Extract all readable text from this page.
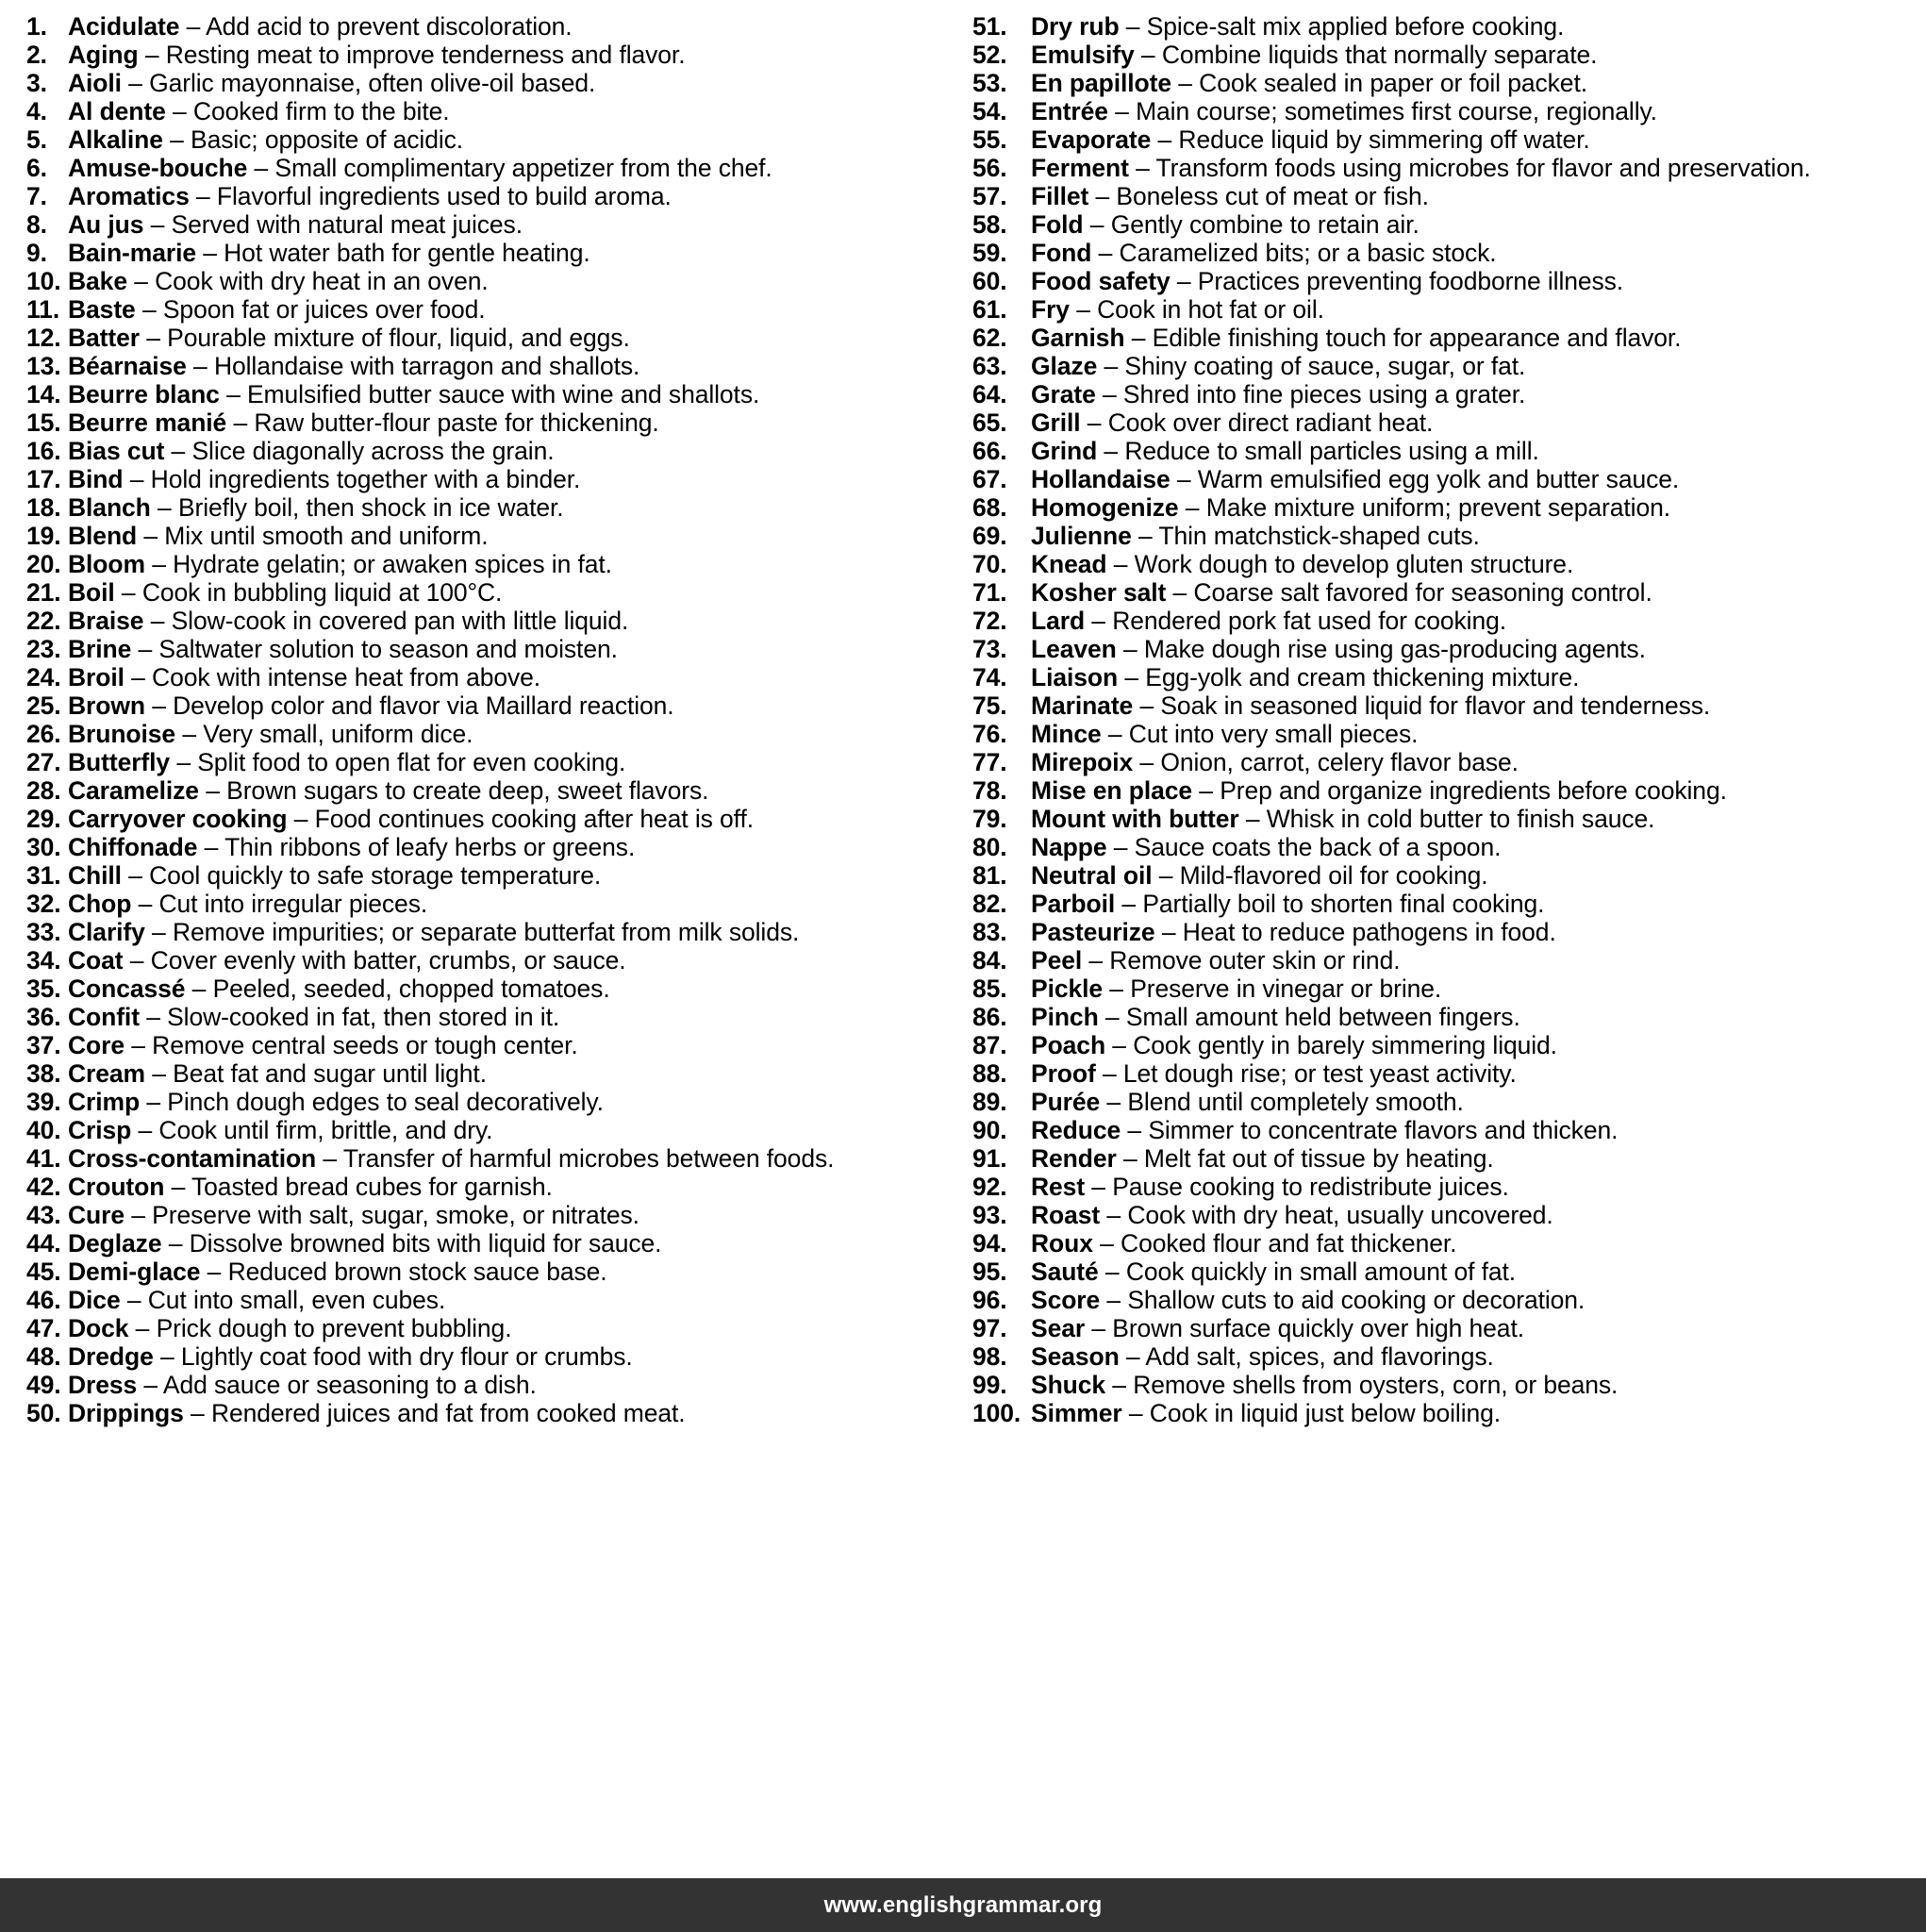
1. Acidulate – Add acid to prevent discoloration.
2. Aging – Resting meat to improve tenderness and flavor.
3. Aioli – Garlic mayonnaise, often olive-oil based.
4. Al dente – Cooked firm to the bite.
5. Alkaline – Basic; opposite of acidic.
6. Amuse-bouche – Small complimentary appetizer from the chef.
7. Aromatics – Flavorful ingredients used to build aroma.
8. Au jus – Served with natural meat juices.
9. Bain-marie – Hot water bath for gentle heating.
10. Bake – Cook with dry heat in an oven.
11. Baste – Spoon fat or juices over food.
12. Batter – Pourable mixture of flour, liquid, and eggs.
13. Béarnaise – Hollandaise with tarragon and shallots.
14. Beurre blanc – Emulsified butter sauce with wine and shallots.
15. Beurre manié – Raw butter-flour paste for thickening.
16. Bias cut – Slice diagonally across the grain.
17. Bind – Hold ingredients together with a binder.
18. Blanch – Briefly boil, then shock in ice water.
19. Blend – Mix until smooth and uniform.
20. Bloom – Hydrate gelatin; or awaken spices in fat.
21. Boil – Cook in bubbling liquid at 100°C.
22. Braise – Slow-cook in covered pan with little liquid.
23. Brine – Saltwater solution to season and moisten.
24. Broil – Cook with intense heat from above.
25. Brown – Develop color and flavor via Maillard reaction.
26. Brunoise – Very small, uniform dice.
27. Butterfly – Split food to open flat for even cooking.
28. Caramelize – Brown sugars to create deep, sweet flavors.
29. Carryover cooking – Food continues cooking after heat is off.
30. Chiffonade – Thin ribbons of leafy herbs or greens.
31. Chill – Cool quickly to safe storage temperature.
32. Chop – Cut into irregular pieces.
33. Clarify – Remove impurities; or separate butterfat from milk solids.
34. Coat – Cover evenly with batter, crumbs, or sauce.
35. Concassé – Peeled, seeded, chopped tomatoes.
36. Confit – Slow-cooked in fat, then stored in it.
37. Core – Remove central seeds or tough center.
38. Cream – Beat fat and sugar until light.
39. Crimp – Pinch dough edges to seal decoratively.
40. Crisp – Cook until firm, brittle, and dry.
41. Cross-contamination – Transfer of harmful microbes between foods.
42. Crouton – Toasted bread cubes for garnish.
43. Cure – Preserve with salt, sugar, smoke, or nitrates.
44. Deglaze – Dissolve browned bits with liquid for sauce.
45. Demi-glace – Reduced brown stock sauce base.
46. Dice – Cut into small, even cubes.
47. Dock – Prick dough to prevent bubbling.
48. Dredge – Lightly coat food with dry flour or crumbs.
49. Dress – Add sauce or seasoning to a dish.
50. Drippings – Rendered juices and fat from cooked meat.
51. Dry rub – Spice-salt mix applied before cooking.
52. Emulsify – Combine liquids that normally separate.
53. En papillote – Cook sealed in paper or foil packet.
54. Entrée – Main course; sometimes first course, regionally.
55. Evaporate – Reduce liquid by simmering off water.
56. Ferment – Transform foods using microbes for flavor and preservation.
57. Fillet – Boneless cut of meat or fish.
58. Fold – Gently combine to retain air.
59. Fond – Caramelized bits; or a basic stock.
60. Food safety – Practices preventing foodborne illness.
61. Fry – Cook in hot fat or oil.
62. Garnish – Edible finishing touch for appearance and flavor.
63. Glaze – Shiny coating of sauce, sugar, or fat.
64. Grate – Shred into fine pieces using a grater.
65. Grill – Cook over direct radiant heat.
66. Grind – Reduce to small particles using a mill.
67. Hollandaise – Warm emulsified egg yolk and butter sauce.
68. Homogenize – Make mixture uniform; prevent separation.
69. Julienne – Thin matchstick-shaped cuts.
70. Knead – Work dough to develop gluten structure.
71. Kosher salt – Coarse salt favored for seasoning control.
72. Lard – Rendered pork fat used for cooking.
73. Leaven – Make dough rise using gas-producing agents.
74. Liaison – Egg-yolk and cream thickening mixture.
75. Marinate – Soak in seasoned liquid for flavor and tenderness.
76. Mince – Cut into very small pieces.
77. Mirepoix – Onion, carrot, celery flavor base.
78. Mise en place – Prep and organize ingredients before cooking.
79. Mount with butter – Whisk in cold butter to finish sauce.
80. Nappe – Sauce coats the back of a spoon.
81. Neutral oil – Mild-flavored oil for cooking.
82. Parboil – Partially boil to shorten final cooking.
83. Pasteurize – Heat to reduce pathogens in food.
84. Peel – Remove outer skin or rind.
85. Pickle – Preserve in vinegar or brine.
86. Pinch – Small amount held between fingers.
87. Poach – Cook gently in barely simmering liquid.
88. Proof – Let dough rise; or test yeast activity.
89. Purée – Blend until completely smooth.
90. Reduce – Simmer to concentrate flavors and thicken.
91. Render – Melt fat out of tissue by heating.
92. Rest – Pause cooking to redistribute juices.
93. Roast – Cook with dry heat, usually uncovered.
94. Roux – Cooked flour and fat thickener.
95. Sauté – Cook quickly in small amount of fat.
96. Score – Shallow cuts to aid cooking or decoration.
97. Sear – Brown surface quickly over high heat.
98. Season – Add salt, spices, and flavorings.
99. Shuck – Remove shells from oysters, corn, or beans.
100. Simmer – Cook in liquid just below boiling.
www.englishgrammar.org
